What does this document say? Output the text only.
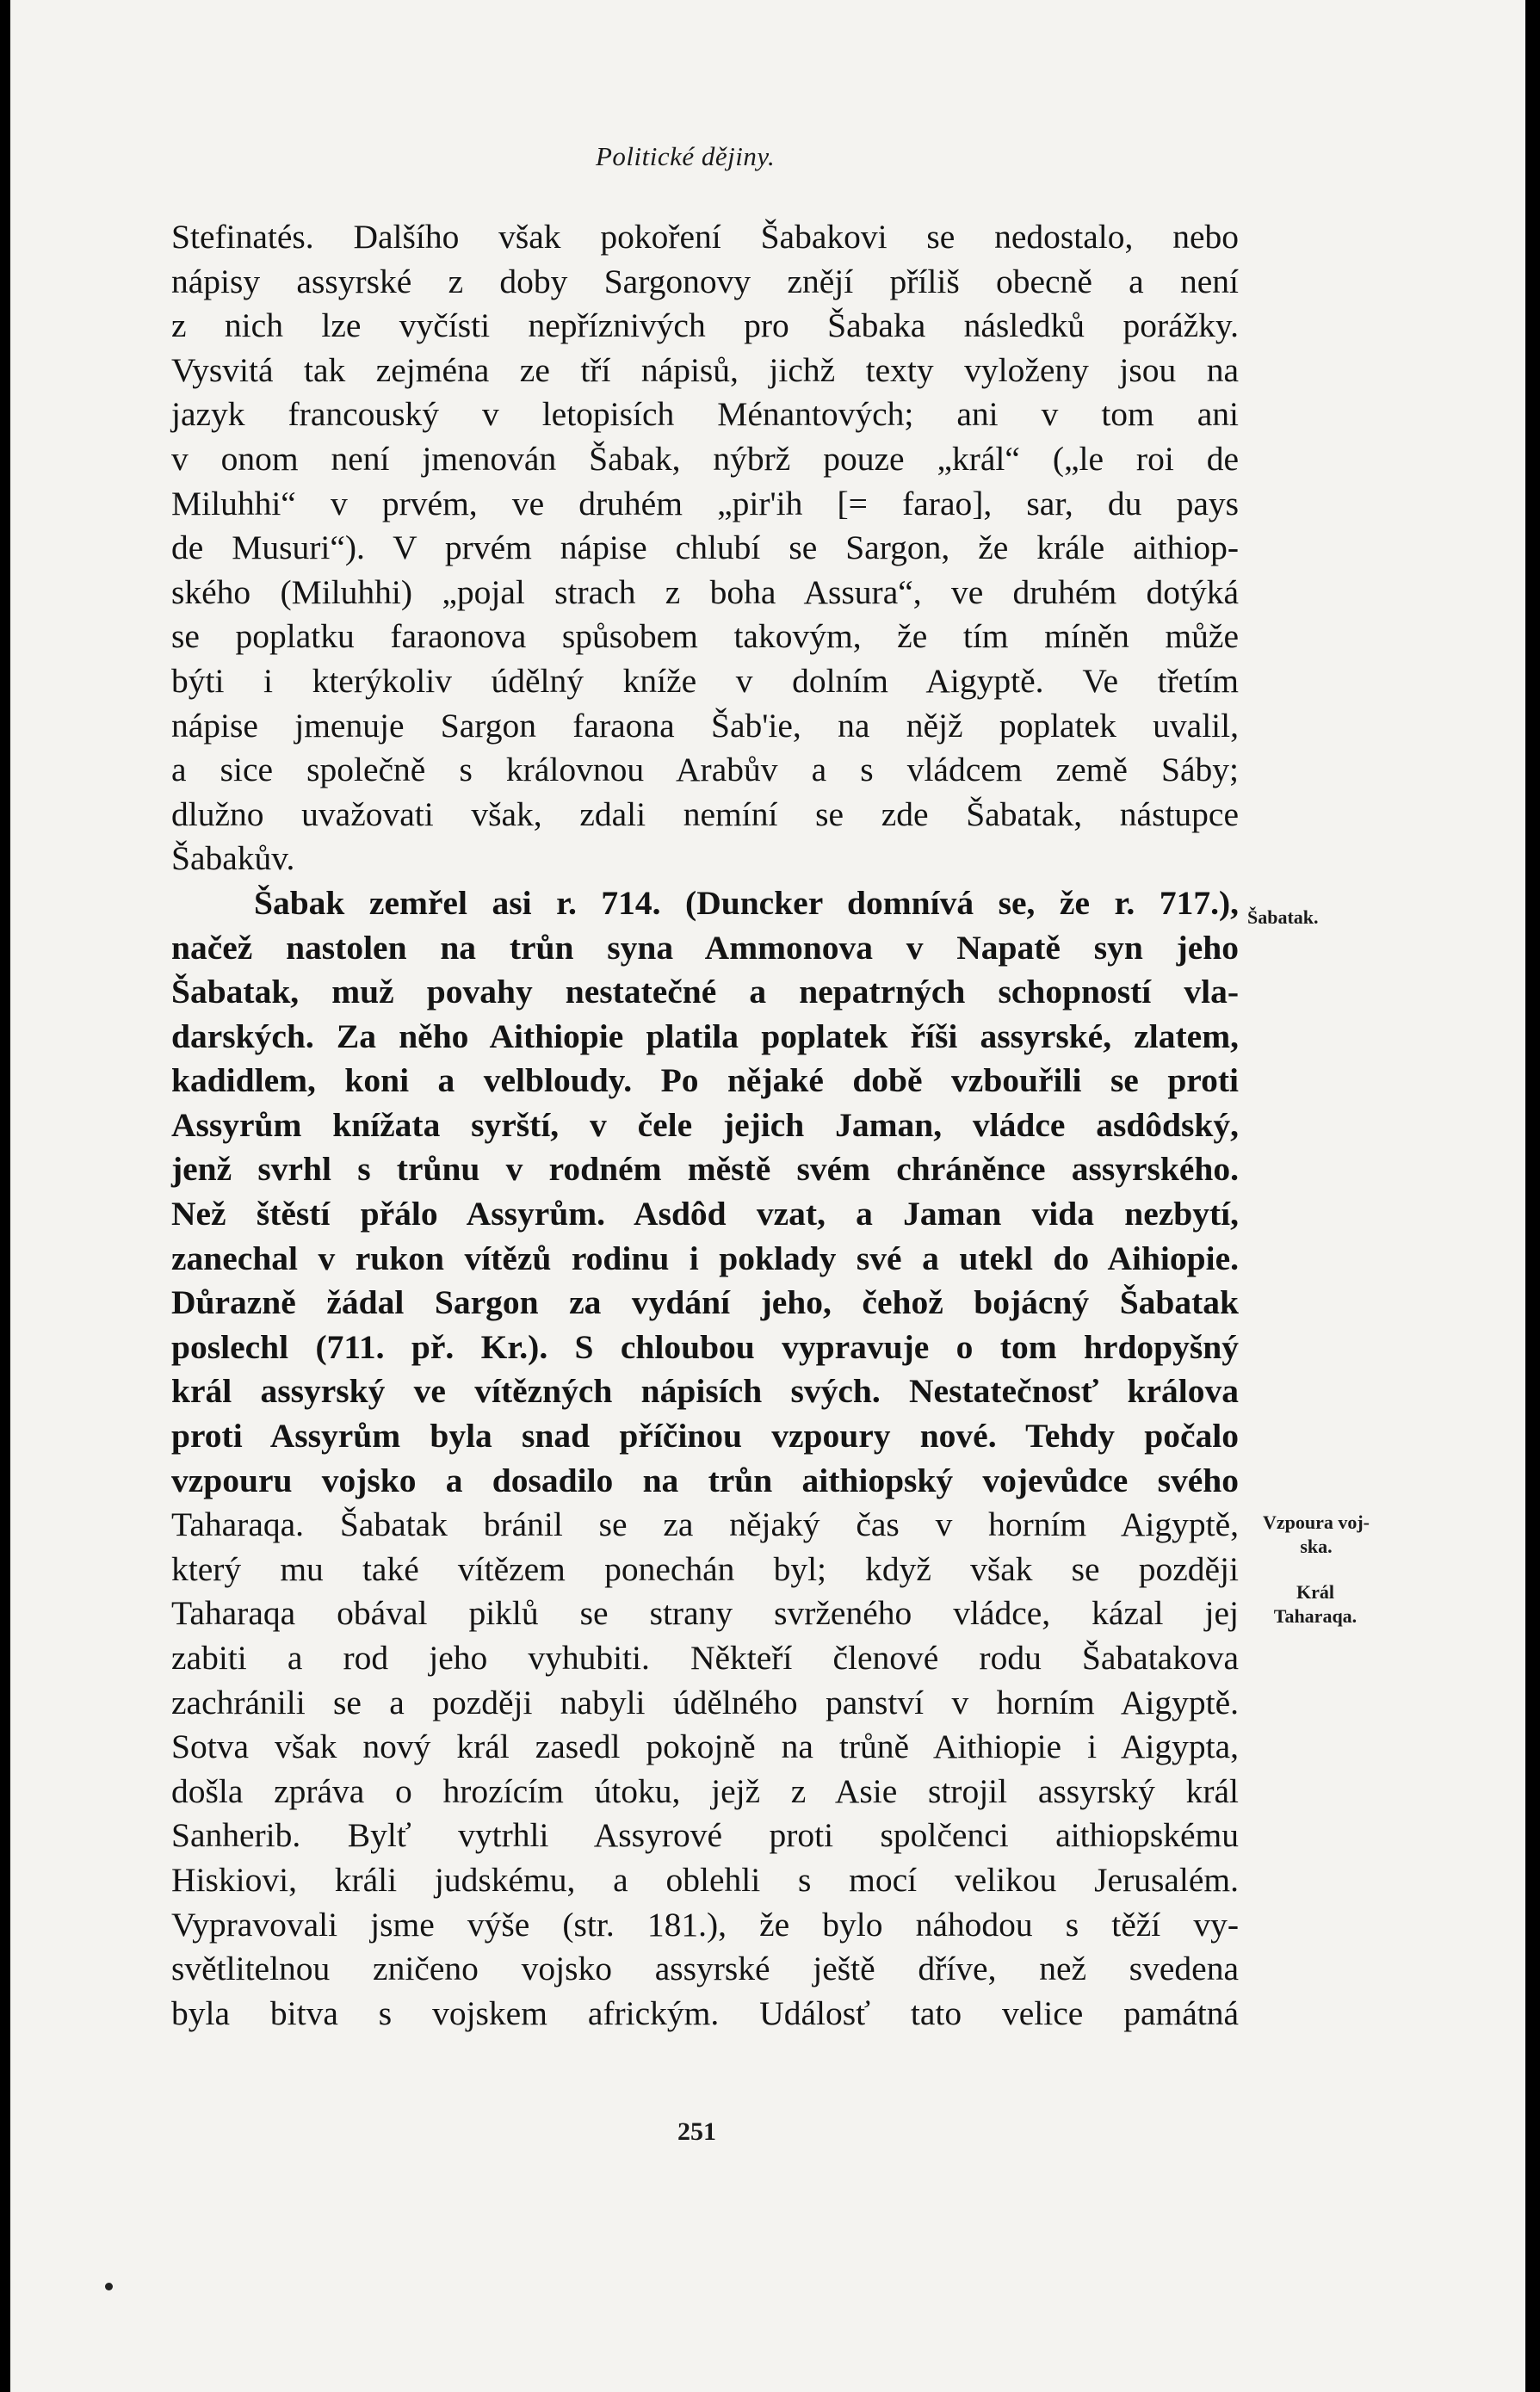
Politické dějiny.
Stefinatés. Dalšího však pokoření Šabakovi se nedostalo, nebo
nápisy assyrské z doby Sargonovy znějí příliš obecně a není
z nich lze vyčísti nepříznivých pro Šabaka následků porážky.
Vysvitá tak zejména ze tří nápisů, jichž texty vyloženy jsou na
jazyk francouský v letopisích Ménantových; ani v tom ani
v onom není jmenován Šabak, nýbrž pouze „král“ („le roi de
Miluhhi“ v prvém, ve druhém „pir'ih [= farao], sar, du pays
de Musuri“). V prvém nápise chlubí se Sargon, že krále aithiop-
ského (Miluhhi) „pojal strach z boha Assura“, ve druhém dotýká
se poplatku faraonova spůsobem takovým, že tím míněn může
býti i kterýkoliv údělný kníže v dolním Aigyptě. Ve třetím
nápise jmenuje Sargon faraona Šab'ie, na nějž poplatek uvalil,
a sice společně s královnou Arabův a s vládcem země Sáby;
dlužno uvažovati však, zdali nemíní se zde Šabatak, nástupce
Šabakův.
Šabak zemřel asi r. 714. (Duncker domnívá se, že r. 717.),
načež nastolen na trůn syna Ammonova v Napatě syn jeho
Šabatak, muž povahy nestatečné a nepatrných schopností vla-
darských. Za něho Aithiopie platila poplatek říši assyrské, zlatem,
kadidlem, koni a velbloudy. Po nějaké době vzbouřili se proti
Assyrům knížata syrští, v čele jejich Jaman, vládce asdôdský,
jenž svrhl s trůnu v rodném městě svém chráněnce assyrského.
Než štěstí přálo Assyrům. Asdôd vzat, a Jaman vida nezbytí,
zanechal v rukon vítězů rodinu i poklady své a utekl do Aihiopie.
Důrazně žádal Sargon za vydání jeho, čehož bojácný Šabatak
poslechl (711. př. Kr.). S chloubou vypravuje o tom hrdopyšný
král assyrský ve vítězných nápisích svých. Nestatečnosť králova
proti Assyrům byla snad příčinou vzpoury nové. Tehdy počalo
vzpouru vojsko a dosadilo na trůn aithiopský vojevůdce svého
Taharaqa. Šabatak bránil se za nějaký čas v horním Aigyptě,
který mu také vítězem ponechán byl; když však se později
Taharaqa obával piklů se strany svrženého vládce, kázal jej
zabiti a rod jeho vyhubiti. Někteří členové rodu Šabatakova
zachránili se a později nabyli údělného panství v horním Aigyptě.
Sotva však nový král zasedl pokojně na trůně Aithiopie i Aigypta,
došla zpráva o hrozícím útoku, jejž z Asie strojil assyrský král
Sanherib. Bylť vytrhli Assyrové proti spolčenci aithiopskému
Hiskiovi, králi judskému, a oblehli s mocí velikou Jerusalém.
Vypravovali jsme výše (str. 181.), že bylo náhodou s těží vy-
světlitelnou zničeno vojsko assyrské ještě dříve, než svedena
byla bitva s vojskem africkým. Událosť tato velice památná
Šabatak.
Vzpoura voj-
ska.
Král
Taharaqa.
251
